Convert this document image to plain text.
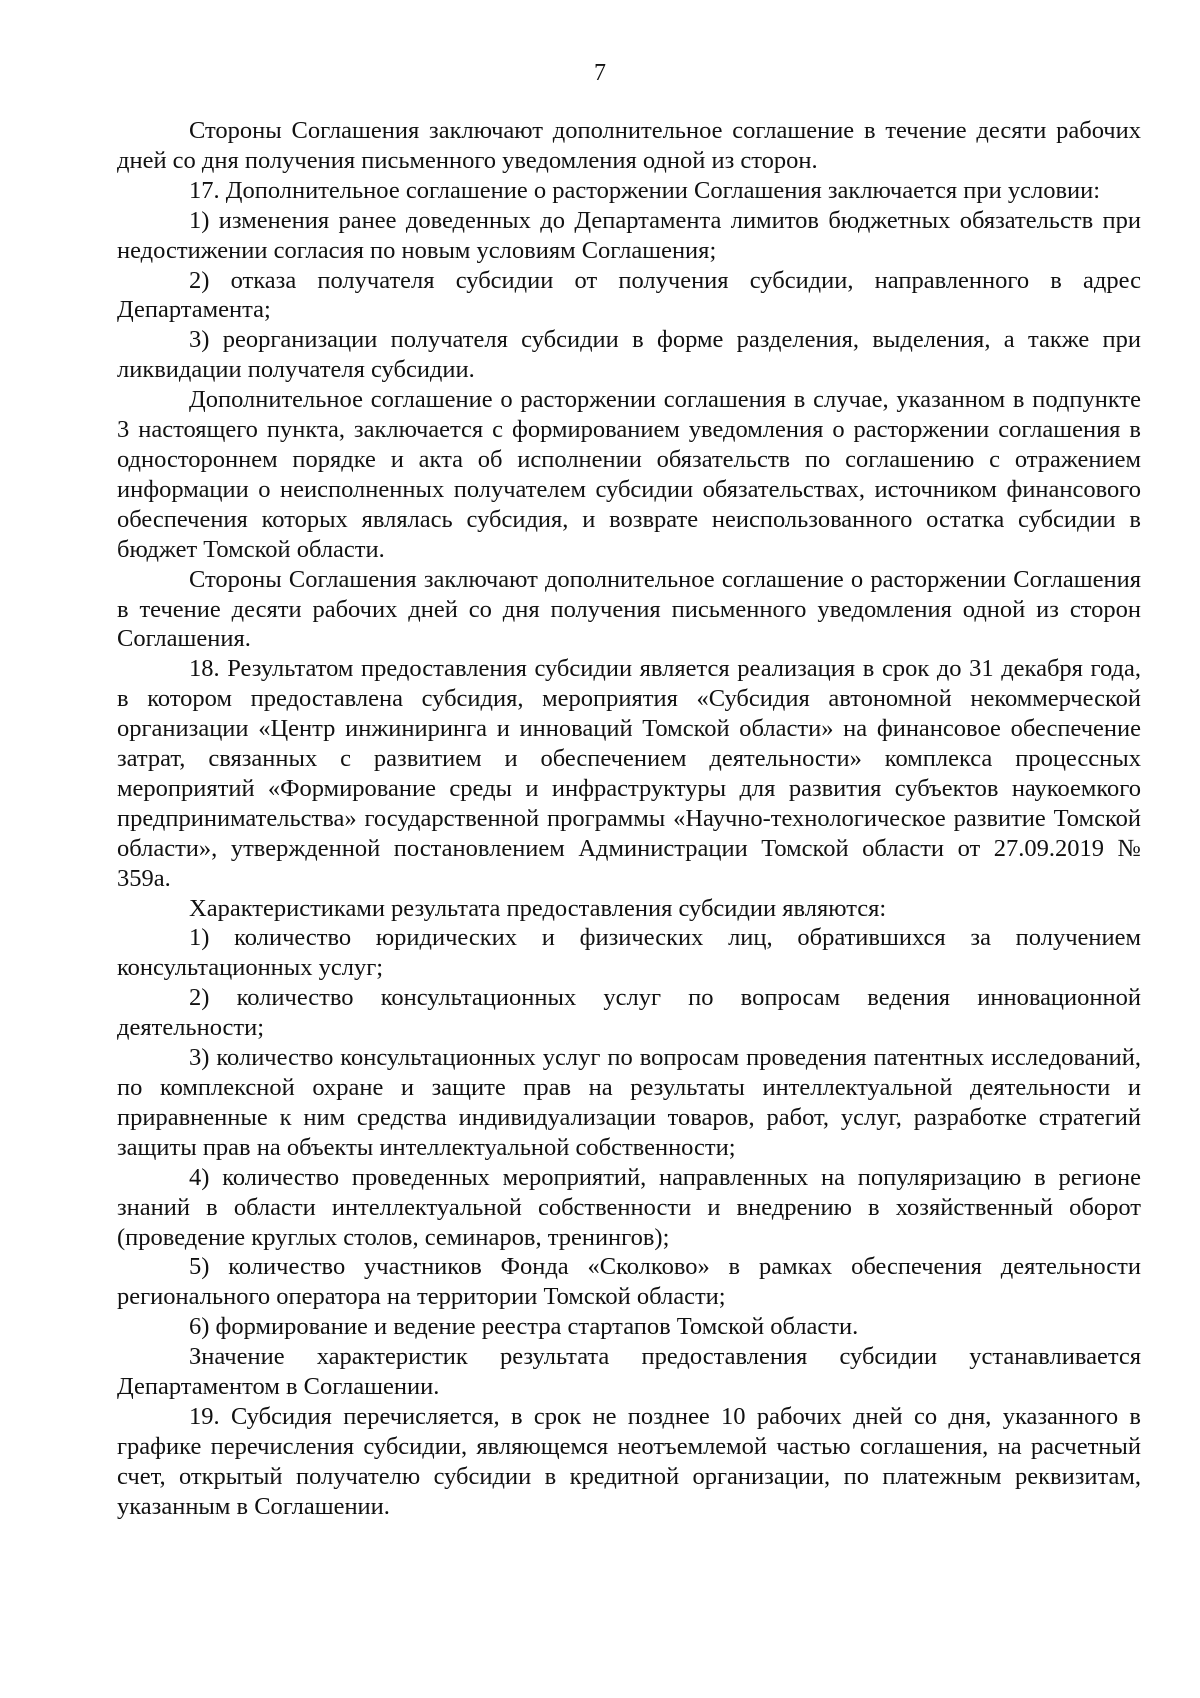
7

Стороны Соглашения заключают дополнительное соглашение в течение десяти рабочих дней со дня получения письменного уведомления одной из сторон.

17. Дополнительное соглашение о расторжении Соглашения заключается при условии:

1) изменения ранее доведенных до Департамента лимитов бюджетных обязательств при недостижении согласия по новым условиям Соглашения;

2) отказа получателя субсидии от получения субсидии, направленного в адрес Департамента;

3) реорганизации получателя субсидии в форме разделения, выделения, а также при ликвидации получателя субсидии.

Дополнительное соглашение о расторжении соглашения в случае, указанном в подпункте 3 настоящего пункта, заключается с формированием уведомления о расторжении соглашения в одностороннем порядке и акта об исполнении обязательств по соглашению с отражением информации о неисполненных получателем субсидии обязательствах, источником финансового обеспечения которых являлась субсидия, и возврате неиспользованного остатка субсидии в бюджет Томской области.

Стороны Соглашения заключают дополнительное соглашение о расторжении Соглашения в течение десяти рабочих дней со дня получения письменного уведомления одной из сторон Соглашения.

18. Результатом предоставления субсидии является реализация в срок до 31 декабря года, в котором предоставлена субсидия, мероприятия «Субсидия автономной некоммерческой организации «Центр инжиниринга и инноваций Томской области» на финансовое обеспечение затрат, связанных с развитием и обеспечением деятельности» комплекса процессных мероприятий «Формирование среды и инфраструктуры для развития субъектов наукоемкого предпринимательства» государственной программы «Научно-технологическое развитие Томской области», утвержденной постановлением Администрации Томской области от 27.09.2019 № 359а.

Характеристиками результата предоставления субсидии являются:

1) количество юридических и физических лиц, обратившихся за получением консультационных услуг;

2) количество консультационных услуг по вопросам ведения инновационной деятельности;

3) количество консультационных услуг по вопросам проведения патентных исследований, по комплексной охране и защите прав на результаты интеллектуальной деятельности и приравненные к ним средства индивидуализации товаров, работ, услуг, разработке стратегий защиты прав на объекты интеллектуальной собственности;

4) количество проведенных мероприятий, направленных на популяризацию в регионе знаний в области интеллектуальной собственности и внедрению в хозяйственный оборот (проведение круглых столов, семинаров, тренингов);

5) количество участников Фонда «Сколково» в рамках обеспечения деятельности регионального оператора на территории Томской области;

6) формирование и ведение реестра стартапов Томской области.

Значение характеристик результата предоставления субсидии устанавливается Департаментом в Соглашении.

19. Субсидия перечисляется, в срок не позднее 10 рабочих дней со дня, указанного в графике перечисления субсидии, являющемся неотъемлемой частью соглашения, на расчетный счет, открытый получателю субсидии в кредитной организации, по платежным реквизитам, указанным в Соглашении.
